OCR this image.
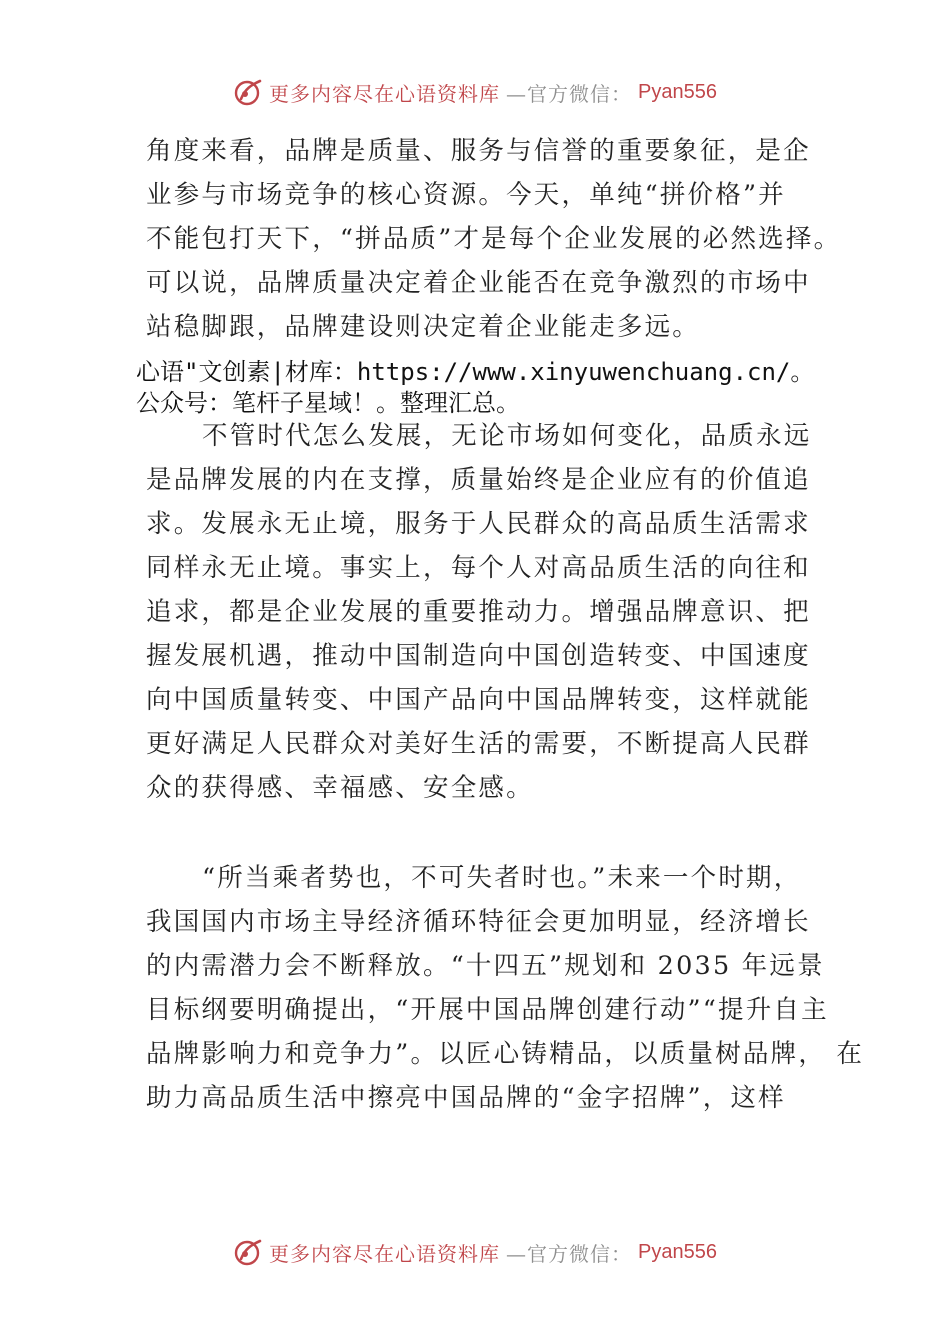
更多内容尽在心语资料库 —官方微信： Pyan556
角度来看，品牌是质量、服务与信誉的重要象征，是企
业参与市场竞争的核心资源。今天，单纯“拼价格”并
不能包打天下，“拼品质”才是每个企业发展的必然选择。
可以说，品牌质量决定着企业能否在竞争激烈的市场中
站稳脚跟，品牌建设则决定着企业能走多远。
心语"文创素|材库：https://www.xinyuwenchuang.cn/。
公众号：笔杆子星域！。整理汇总。
不管时代怎么发展，无论市场如何变化，品质永远
是品牌发展的内在支撑，质量始终是企业应有的价值追
求。发展永无止境，服务于人民群众的高品质生活需求
同样永无止境。事实上，每个人对高品质生活的向往和
追求，都是企业发展的重要推动力。增强品牌意识、把
握发展机遇，推动中国制造向中国创造转变、中国速度
向中国质量转变、中国产品向中国品牌转变，这样就能
更好满足人民群众对美好生活的需要，不断提高人民群
众的获得感、幸福感、安全感。
“所当乘者势也，不可失者时也。”未来一个时期，
我国国内市场主导经济循环特征会更加明显，经济增长
的内需潜力会不断释放。“十四五”规划和 2035 年远景
目标纲要明确提出，“开展中国品牌创建行动”“提升自主
品牌影响力和竞争力”。以匠心铸精品，以质量树品牌， 在
助力高品质生活中擦亮中国品牌的“金字招牌”，这样
更多内容尽在心语资料库 —官方微信： Pyan556
